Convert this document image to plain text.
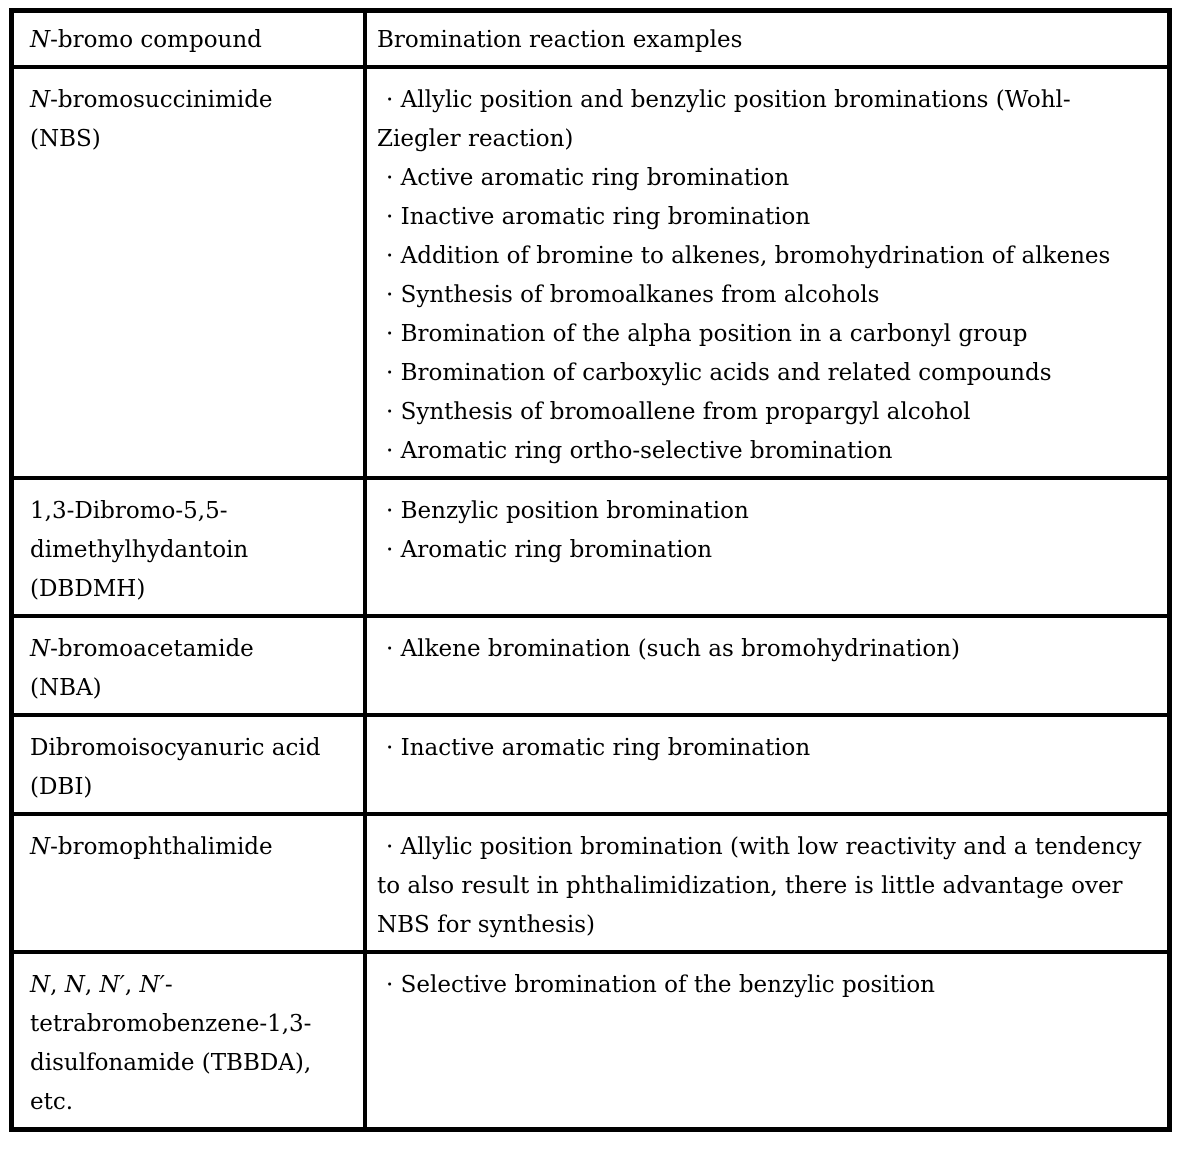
N-bromo compound	Bromination reaction examples
N-bromosuccinimide
(NBS)

· Allylic position and benzylic position brominations (Wohl-Ziegler reaction)

· Active aromatic ring bromination

· Inactive aromatic ring bromination

· Addition of bromine to alkenes, bromohydrination of alkenes

· Synthesis of bromoalkanes from alcohols

· Bromination of the alpha position in a carbonyl group

· Bromination of carboxylic acids and related compounds

· Synthesis of bromoallene from propargyl alcohol

· Aromatic ring ortho-selective bromination

1,3-Dibromo-5,5-
dimethylhydantoin
(DBDMH)

· Benzylic position bromination

· Aromatic ring bromination

N-bromoacetamide
(NBA)

· Alkene bromination (such as bromohydrination)

Dibromoisocyanuric acid
(DBI)

· Inactive aromatic ring bromination

N-bromophthalimide	· Allylic position bromination (with low reactivity and a tendency to also result in phthalimidization, there is little advantage over NBS for synthesis)

N, N, N′, N′-
tetrabromobenzene-1,3-
disulfonamide (TBBDA),
etc.

· Selective bromination of the benzylic position
